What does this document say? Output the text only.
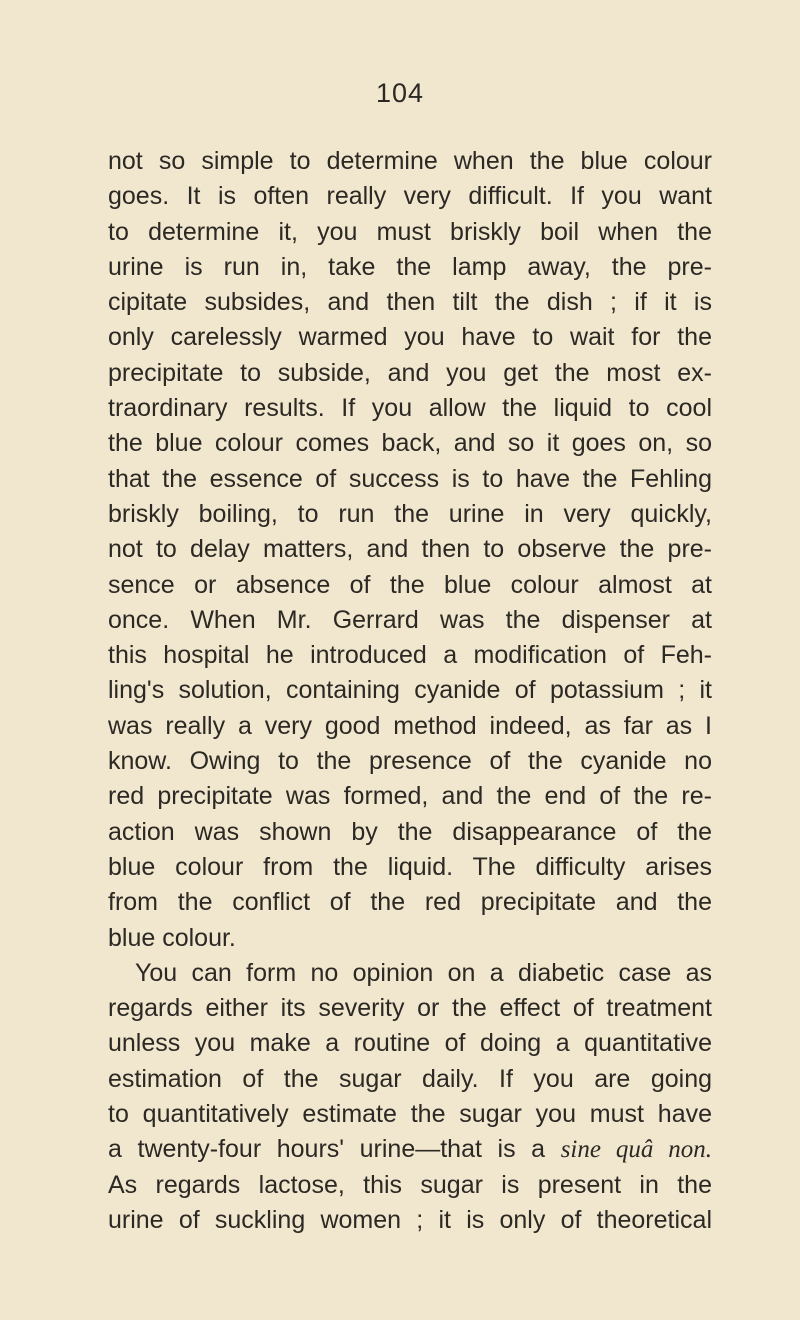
104
not so simple to determine when the blue colour
goes. It is often really very difficult. If you want
to determine it, you must briskly boil when the
urine is run in, take the lamp away, the pre-
cipitate subsides, and then tilt the dish ; if it is
only carelessly warmed you have to wait for the
precipitate to subside, and you get the most ex-
traordinary results. If you allow the liquid to cool
the blue colour comes back, and so it goes on, so
that the essence of success is to have the Fehling
briskly boiling, to run the urine in very quickly,
not to delay matters, and then to observe the pre-
sence or absence of the blue colour almost at
once. When Mr. Gerrard was the dispenser at
this hospital he introduced a modification of Feh-
ling's solution, containing cyanide of potassium ; it
was really a very good method indeed, as far as I
know. Owing to the presence of the cyanide no
red precipitate was formed, and the end of the re-
action was shown by the disappearance of the
blue colour from the liquid. The difficulty arises
from the conflict of the red precipitate and the
blue colour.
You can form no opinion on a diabetic case as
regards either its severity or the effect of treatment
unless you make a routine of doing a quantitative
estimation of the sugar daily. If you are going
to quantitatively estimate the sugar you must have
a twenty-four hours' urine—that is a sine quâ non.
As regards lactose, this sugar is present in the
urine of suckling women ; it is only of theoretical
